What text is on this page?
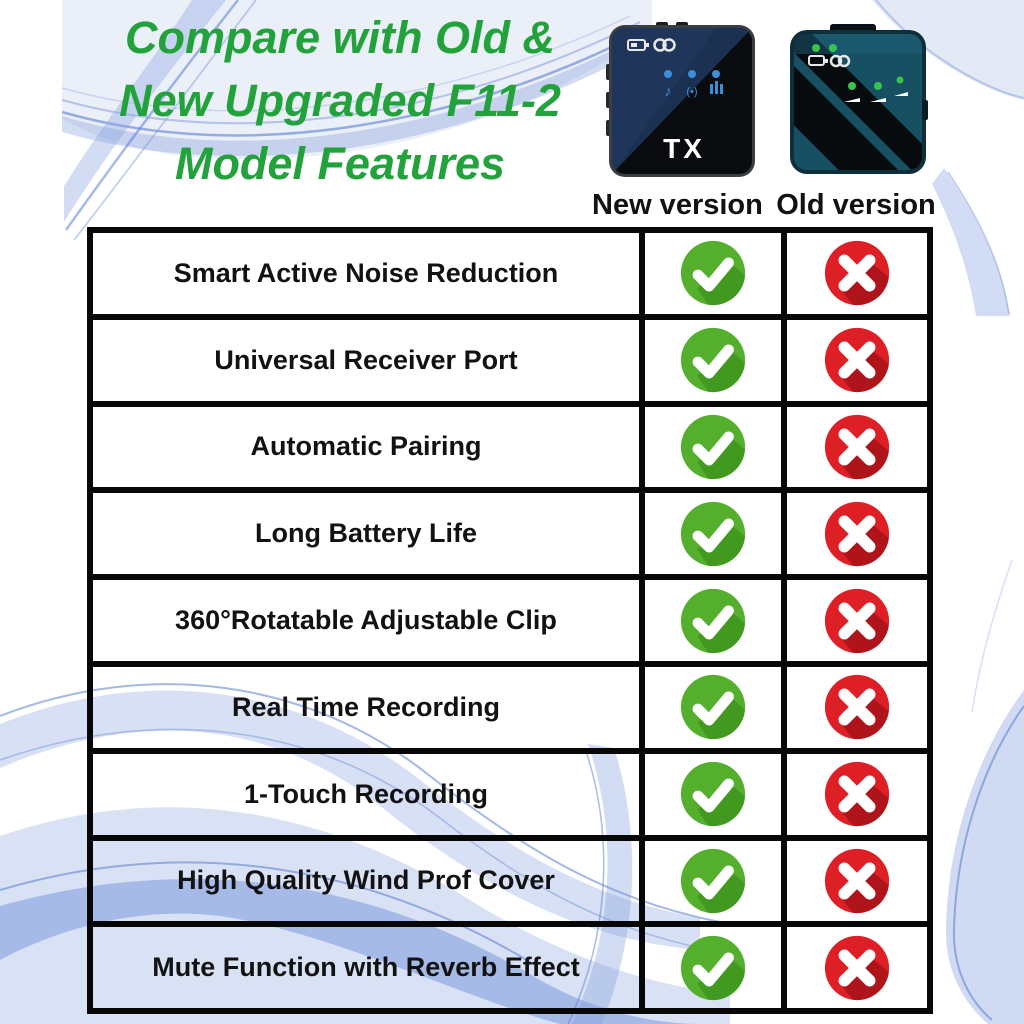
Compare with Old &
New Upgraded F11-2
Model Features
♪ (•)
TX
New version Old version
Smart Active Noise Reduction
Universal Receiver Port
Automatic Pairing
Long Battery Life
360°Rotatable Adjustable Clip
Real Time Recording
1-Touch Recording
High Quality Wind Prof Cover
Mute Function with Reverb Effect
